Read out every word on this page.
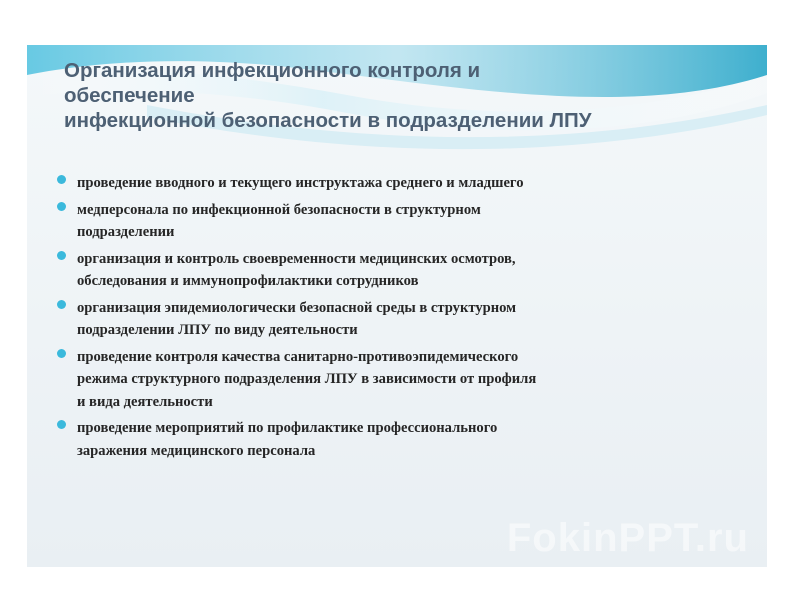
Организация инфекционного контроля и
обеспечение
инфекционной безопасности в подразделении ЛПУ
проведение вводного и текущего инструктажа среднего и младшего
медперсонала по инфекционной безопасности в структурном
подразделении
организация и контроль своевременности медицинских осмотров,
обследования и иммунопрофилактики сотрудников
организация эпидемиологически безопасной среды в структурном
подразделении ЛПУ по виду деятельности
проведение контроля качества санитарно-противоэпидемического
режима структурного подразделения ЛПУ в зависимости от профиля
и вида деятельности
проведение мероприятий по профилактике профессионального
заражения медицинского персонала
FokinPPT.ru
